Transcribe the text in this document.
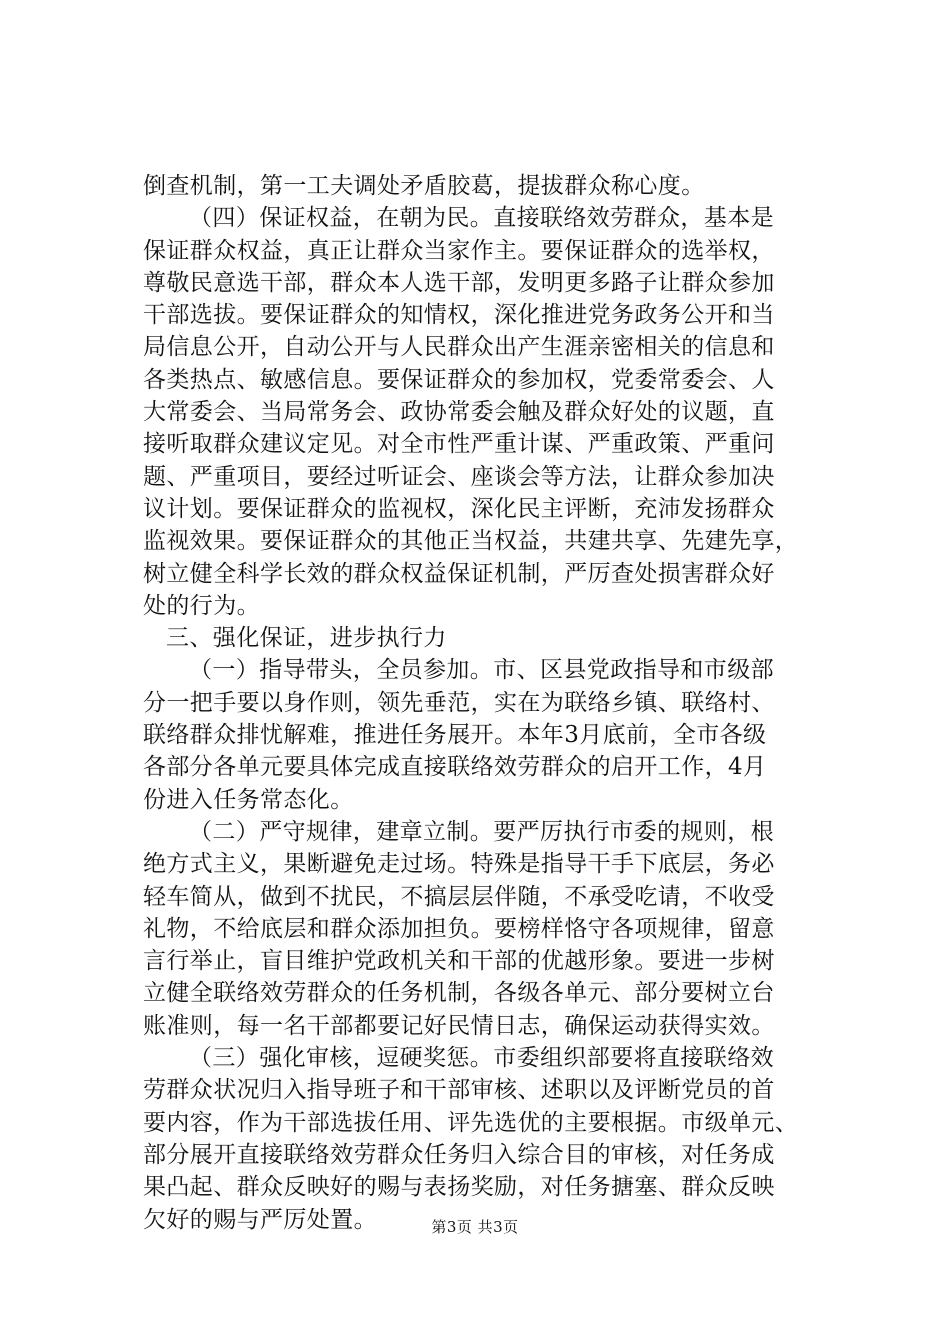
倒查机制，第一工夫调处矛盾胶葛，提拔群众称心度。
（四）保证权益，在朝为民。直接联络效劳群众，基本是
保证群众权益，真正让群众当家作主。要保证群众的选举权，
尊敬民意选干部，群众本人选干部，发明更多路子让群众参加
干部选拔。要保证群众的知情权，深化推进党务政务公开和当
局信息公开，自动公开与人民群众出产生涯亲密相关的信息和
各类热点、敏感信息。要保证群众的参加权，党委常委会、人
大常委会、当局常务会、政协常委会触及群众好处的议题，直
接听取群众建议定见。对全市性严重计谋、严重政策、严重问
题、严重项目，要经过听证会、座谈会等方法，让群众参加决
议计划。要保证群众的监视权，深化民主评断，充沛发扬群众
监视效果。要保证群众的其他正当权益，共建共享、先建先享，
树立健全科学长效的群众权益保证机制，严厉查处损害群众好
处的行为。
三、强化保证，进步执行力
（一）指导带头，全员参加。市、区县党政指导和市级部
分一把手要以身作则，领先垂范，实在为联络乡镇、联络村、
联络群众排忧解难，推进任务展开。本年3月底前，全市各级
各部分各单元要具体完成直接联络效劳群众的启开工作，4月
份进入任务常态化。
（二）严守规律，建章立制。要严厉执行市委的规则，根
绝方式主义，果断避免走过场。特殊是指导干手下底层，务必
轻车简从，做到不扰民，不搞层层伴随，不承受吃请，不收受
礼物，不给底层和群众添加担负。要榜样恪守各项规律，留意
言行举止，盲目维护党政机关和干部的优越形象。要进一步树
立健全联络效劳群众的任务机制，各级各单元、部分要树立台
账准则，每一名干部都要记好民情日志，确保运动获得实效。
（三）强化审核，逗硬奖惩。市委组织部要将直接联络效
劳群众状况归入指导班子和干部审核、述职以及评断党员的首
要内容，作为干部选拔任用、评先选优的主要根据。市级单元、
部分展开直接联络效劳群众任务归入综合目的审核，对任务成
果凸起、群众反映好的赐与表扬奖励，对任务搪塞、群众反映
欠好的赐与严厉处置。	第3页 共3页
